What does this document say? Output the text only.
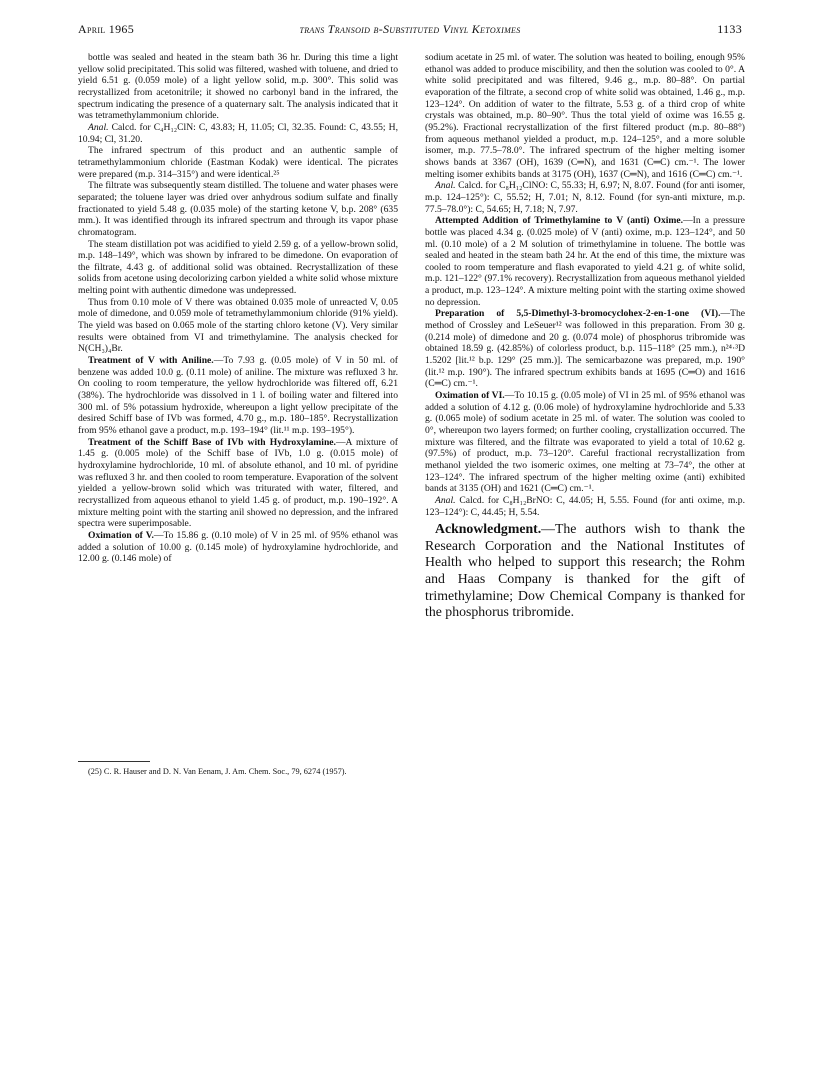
April 1965	trans Transoid β-Substituted Vinyl Ketoximes	1133

bottle was sealed and heated in the steam bath 36 hr. During this time a light yellow solid precipitated. This solid was filtered, washed with toluene, and dried to yield 6.51 g. (0.059 mole) of a light yellow solid, m.p. 300°. This solid was recrystallized from acetonitrile; it showed no carbonyl band in the infrared, the spectrum indicating the presence of a quaternary salt. The analysis indicated that it was tetramethylammonium chloride.

Anal. Calcd. for C₄H₁₂ClN: C, 43.83; H, 11.05; Cl, 32.35. Found: C, 43.55; H, 10.94; Cl, 31.20.

The infrared spectrum of this product and an authentic sample of tetramethylammonium chloride (Eastman Kodak) were identical. The picrates were prepared (m.p. 314–315°) and were identical.²⁵

The filtrate was subsequently steam distilled. The toluene and water phases were separated; the toluene layer was dried over anhydrous sodium sulfate and finally fractionated to yield 5.48 g. (0.035 mole) of the starting ketone V, b.p. 208° (635 mm.). It was identified through its infrared spectrum and through its vapor phase chromatogram.

The steam distillation pot was acidified to yield 2.59 g. of a yellow-brown solid, m.p. 148–149°, which was shown by infrared to be dimedone. On evaporation of the filtrate, 4.43 g. of additional solid was obtained. Recrystallization of these solids from acetone using decolorizing carbon yielded a white solid whose mixture melting point with authentic dimedone was undepressed.

Thus from 0.10 mole of V there was obtained 0.035 mole of unreacted V, 0.05 mole of dimedone, and 0.059 mole of tetramethylammonium chloride (91% yield). The yield was based on 0.065 mole of the starting chloro ketone (V). Very similar results were obtained from VI and trimethylamine. The analysis checked for N(CH₃)₄Br.

Treatment of V with Aniline.—To 7.93 g. (0.05 mole) of V in 50 ml. of benzene was added 10.0 g. (0.11 mole) of aniline. The mixture was refluxed 3 hr. On cooling to room temperature, the yellow hydrochloride was filtered off, 6.21 (38%). The hydrochloride was dissolved in 1 l. of boiling water and filtered into 300 ml. of 5% potassium hydroxide, whereupon a light yellow precipitate of the desired Schiff base of IVb was formed, 4.70 g., m.p. 180–185°. Recrystallization from 95% ethanol gave a product, m.p. 193–194° (lit.¹¹ m.p. 193–195°).

Treatment of the Schiff Base of IVb with Hydroxylamine.—A mixture of 1.45 g. (0.005 mole) of the Schiff base of IVb, 1.0 g. (0.015 mole) of hydroxylamine hydrochloride, 10 ml. of absolute ethanol, and 10 ml. of pyridine was refluxed 3 hr. and then cooled to room temperature. Evaporation of the solvent yielded a yellow-brown solid which was triturated with water, filtered, and recrystallized from aqueous ethanol to yield 1.45 g. of product, m.p. 190–192°. A mixture melting point with the starting anil showed no depression, and the infrared spectra were superimposable.

Oximation of V.—To 15.86 g. (0.10 mole) of V in 25 ml. of 95% ethanol was added a solution of 10.00 g. (0.145 mole) of hydroxylamine hydrochloride, and 12.00 g. (0.146 mole) of

(25) C. R. Hauser and D. N. Van Eenam, J. Am. Chem. Soc., 79, 6274 (1957).

sodium acetate in 25 ml. of water. The solution was heated to boiling, enough 95% ethanol was added to produce miscibility, and then the solution was cooled to 0°. A white solid precipitated and was filtered, 9.46 g., m.p. 80–88°. On partial evaporation of the filtrate, a second crop of white solid was obtained, 1.46 g., m.p. 123–124°. On addition of water to the filtrate, 5.53 g. of a third crop of white crystals was obtained, m.p. 80–90°. Thus the total yield of oxime was 16.55 g. (95.2%). Fractional recrystallization of the first filtered product (m.p. 80–88°) from aqueous methanol yielded a product, m.p. 124–125°, and a more soluble isomer, m.p. 77.5–78.0°. The infrared spectrum of the higher melting isomer shows bands at 3367 (OH), 1639 (C═N), and 1631 (C═C) cm.⁻¹. The lower melting isomer exhibits bands at 3175 (OH), 1637 (C═N), and 1616 (C═C) cm.⁻¹.

Anal. Calcd. for C₈H₁₂ClNO: C, 55.33; H, 6.97; N, 8.07. Found (for anti isomer, m.p. 124–125°): C, 55.52; H, 7.01; N, 8.12. Found (for syn-anti mixture, m.p. 77.5–78.0°): C, 54.65; H, 7.18; N, 7.97.

Attempted Addition of Trimethylamine to V (anti) Oxime.—In a pressure bottle was placed 4.34 g. (0.025 mole) of V (anti) oxime, m.p. 123–124°, and 50 ml. (0.10 mole) of a 2 M solution of trimethylamine in toluene. The bottle was sealed and heated in the steam bath 24 hr. At the end of this time, the mixture was cooled to room temperature and flash evaporated to yield 4.21 g. of white solid, m.p. 121–122° (97.1% recovery). Recrystallization from aqueous methanol yielded a product, m.p. 123–124°. A mixture melting point with the starting oxime showed no depression.

Preparation of 5,5-Dimethyl-3-bromocyclohex-2-en-1-one (VI).—The method of Crossley and LeSeuer¹² was followed in this preparation. From 30 g. (0.214 mole) of dimedone and 20 g. (0.074 mole) of phosphorus tribromide was obtained 18.59 g. (42.85%) of colorless product, b.p. 115–118° (25 mm.), n²⁴·³D 1.5202 [lit.¹² b.p. 129° (25 mm.)]. The semicarbazone was prepared, m.p. 190° (lit.¹² m.p. 190°). The infrared spectrum exhibits bands at 1695 (C═O) and 1616 (C═C) cm.⁻¹.

Oximation of VI.—To 10.15 g. (0.05 mole) of VI in 25 ml. of 95% ethanol was added a solution of 4.12 g. (0.06 mole) of hydroxylamine hydrochloride and 5.33 g. (0.065 mole) of sodium acetate in 25 ml. of water. The solution was cooled to 0°, whereupon two layers formed; on further cooling, crystallization occurred. The mixture was filtered, and the filtrate was evaporated to yield a total of 10.62 g. (97.5%) of product, m.p. 73–120°. Careful fractional recrystallization from methanol yielded the two isomeric oximes, one melting at 73–74°, the other at 123–124°. The infrared spectrum of the higher melting oxime (anti) exhibited bands at 3135 (OH) and 1621 (C═C) cm.⁻¹.

Anal. Calcd. for C₈H₁₂BrNO: C, 44.05; H, 5.55. Found (for anti oxime, m.p. 123–124°): C, 44.45; H, 5.54.

Acknowledgment.—The authors wish to thank the Research Corporation and the National Institutes of Health who helped to support this research; the Rohm and Haas Company is thanked for the gift of trimethylamine; Dow Chemical Company is thanked for the phosphorus tribromide.
